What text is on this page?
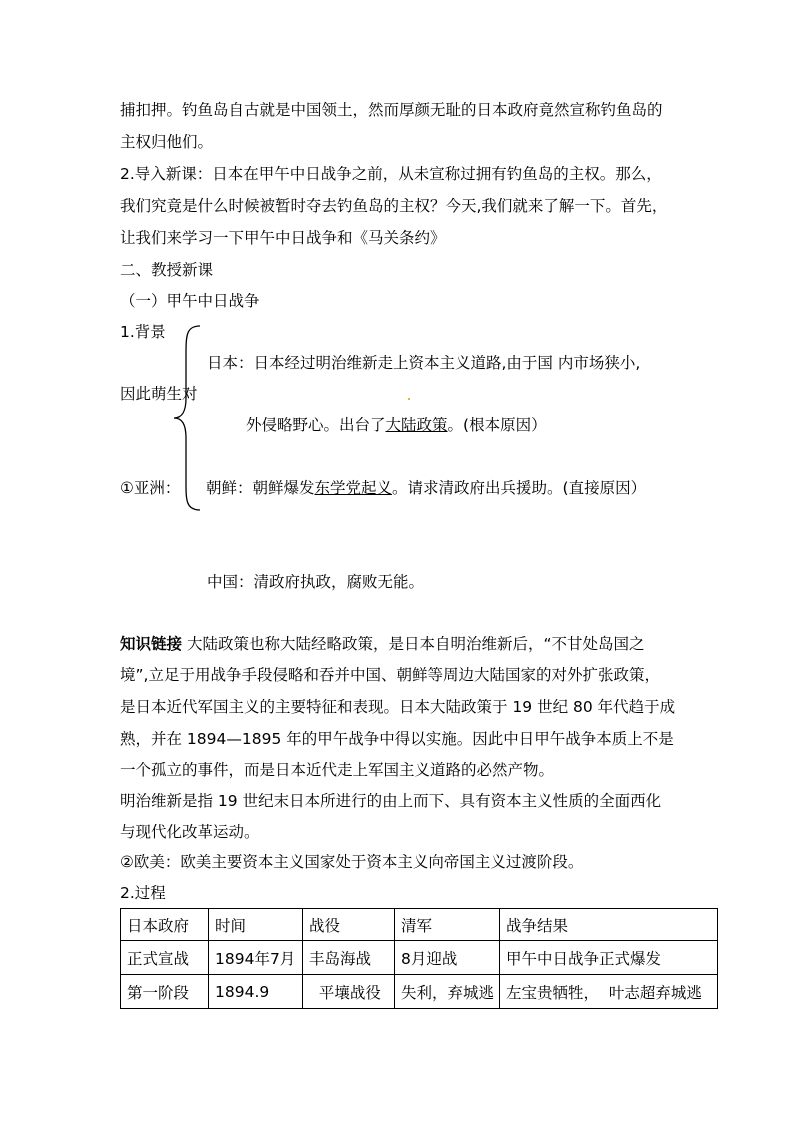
捕扣押。钓鱼岛自古就是中国领土，然而厚颜无耻的日本政府竟然宣称钓鱼岛的
主权归他们。
2.导入新课：日本在甲午中日战争之前，从未宣称过拥有钓鱼岛的主权。那么，
我们究竟是什么时候被暂时夺去钓鱼岛的主权？今天,我们就来了解一下。首先，
让我们来学习一下甲午中日战争和《马关条约》
二、教授新课
（一）甲午中日战争
1.背景
日本：日本经过明治维新走上资本主义道路,由于国 内市场狭小,
因此萌生对
外侵略野心。出台了大陆政策。(根本原因）
①亚洲： 朝鲜：朝鲜爆发东学党起义。请求清政府出兵援助。(直接原因）
中国：清政府执政，腐败无能。
知识链接 大陆政策也称大陆经略政策，是日本自明治维新后，“不甘处岛国之
境”,立足于用战争手段侵略和吞并中国、朝鲜等周边大陆国家的对外扩张政策，
是日本近代军国主义的主要特征和表现。日本大陆政策于 19 世纪 80 年代趋于成
熟，并在 1894—1895 年的甲午战争中得以实施。因此中日甲午战争本质上不是
一个孤立的事件，而是日本近代走上军国主义道路的必然产物。
明治维新是指 19 世纪末日本所进行的由上而下、具有资本主义性质的全面西化
与现代化改革运动。
②欧美：欧美主要资本主义国家处于资本主义向帝国主义过渡阶段。
2.过程
日本政府	时间	战役	清军	战争结果
正式宣战	1894年7月	丰岛海战	8月迎战	甲午中日战争正式爆发
第一阶段	1894.9	平壤战役	失利，弃城逃	左宝贵牺牲，  叶志超弃城逃
